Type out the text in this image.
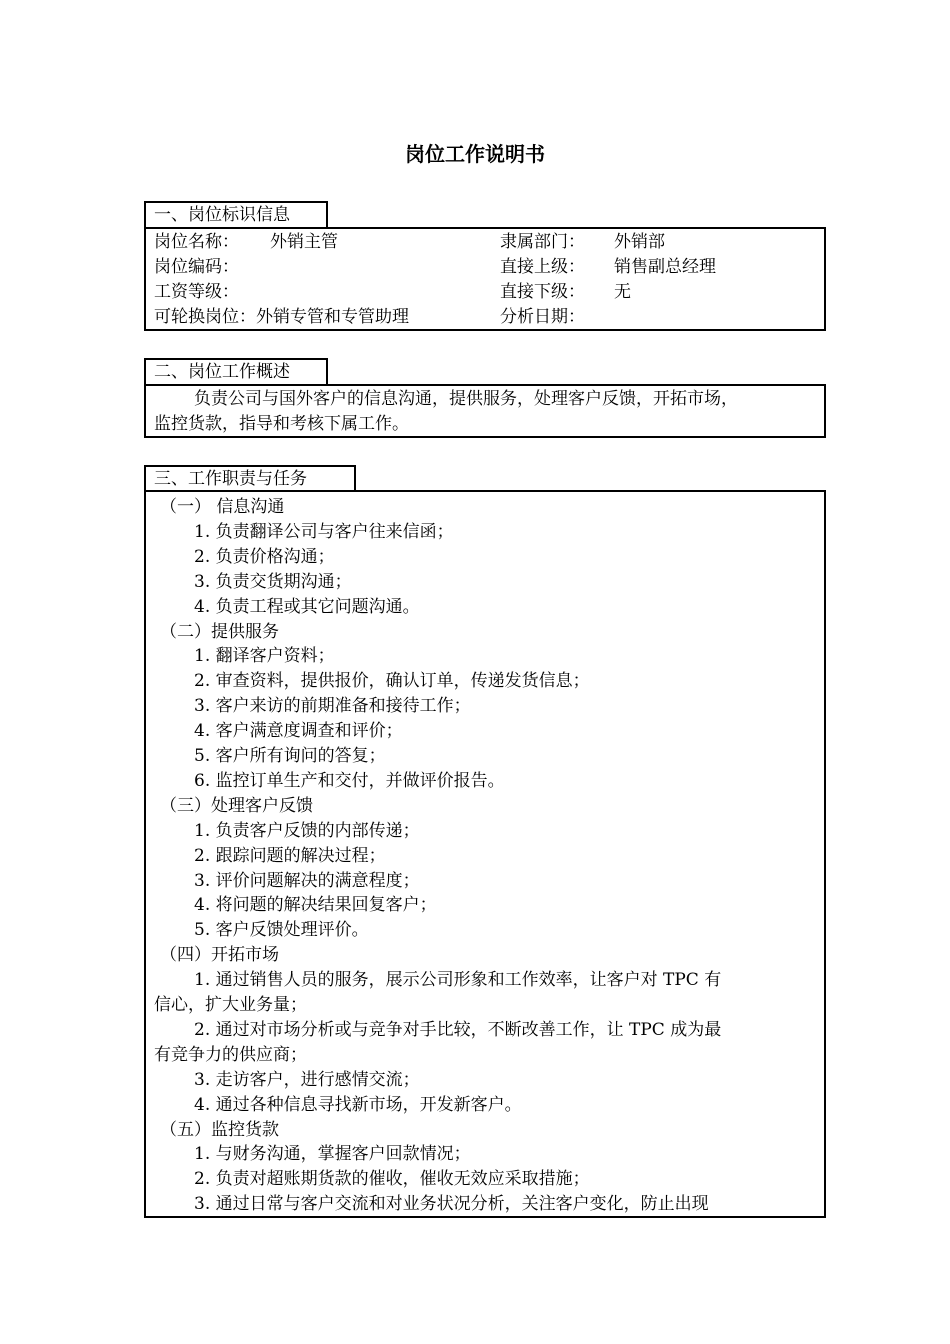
岗位工作说明书
一、岗位标识信息
岗位名称： 外销主管	隶属部门： 外销部
岗位编码：	直接上级： 销售副总经理
工资等级：	直接下级： 无
可轮换岗位：外销专管和专管助理	分析日期：
二、岗位工作概述
负责公司与国外客户的信息沟通，提供服务，处理客户反馈，开拓市场，
监控货款，指导和考核下属工作。
三、工作职责与任务
（一） 信息沟通
1. 负责翻译公司与客户往来信函；
2. 负责价格沟通；
3. 负责交货期沟通；
4. 负责工程或其它问题沟通。
（二）提供服务
1. 翻译客户资料；
2. 审查资料，提供报价，确认订单，传递发货信息；
3. 客户来访的前期准备和接待工作；
4. 客户满意度调查和评价；
5. 客户所有询问的答复；
6. 监控订单生产和交付，并做评价报告。
（三）处理客户反馈
1. 负责客户反馈的内部传递；
2. 跟踪问题的解决过程；
3. 评价问题解决的满意程度；
4. 将问题的解决结果回复客户；
5. 客户反馈处理评价。
（四）开拓市场
1. 通过销售人员的服务，展示公司形象和工作效率，让客户对 TPC 有
信心，扩大业务量；
2. 通过对市场分析或与竞争对手比较，不断改善工作，让 TPC 成为最
有竞争力的供应商；
3. 走访客户，进行感情交流；
4. 通过各种信息寻找新市场，开发新客户。
（五）监控货款
1. 与财务沟通，掌握客户回款情况；
2. 负责对超账期货款的催收，催收无效应采取措施；
3. 通过日常与客户交流和对业务状况分析，关注客户变化，防止出现
